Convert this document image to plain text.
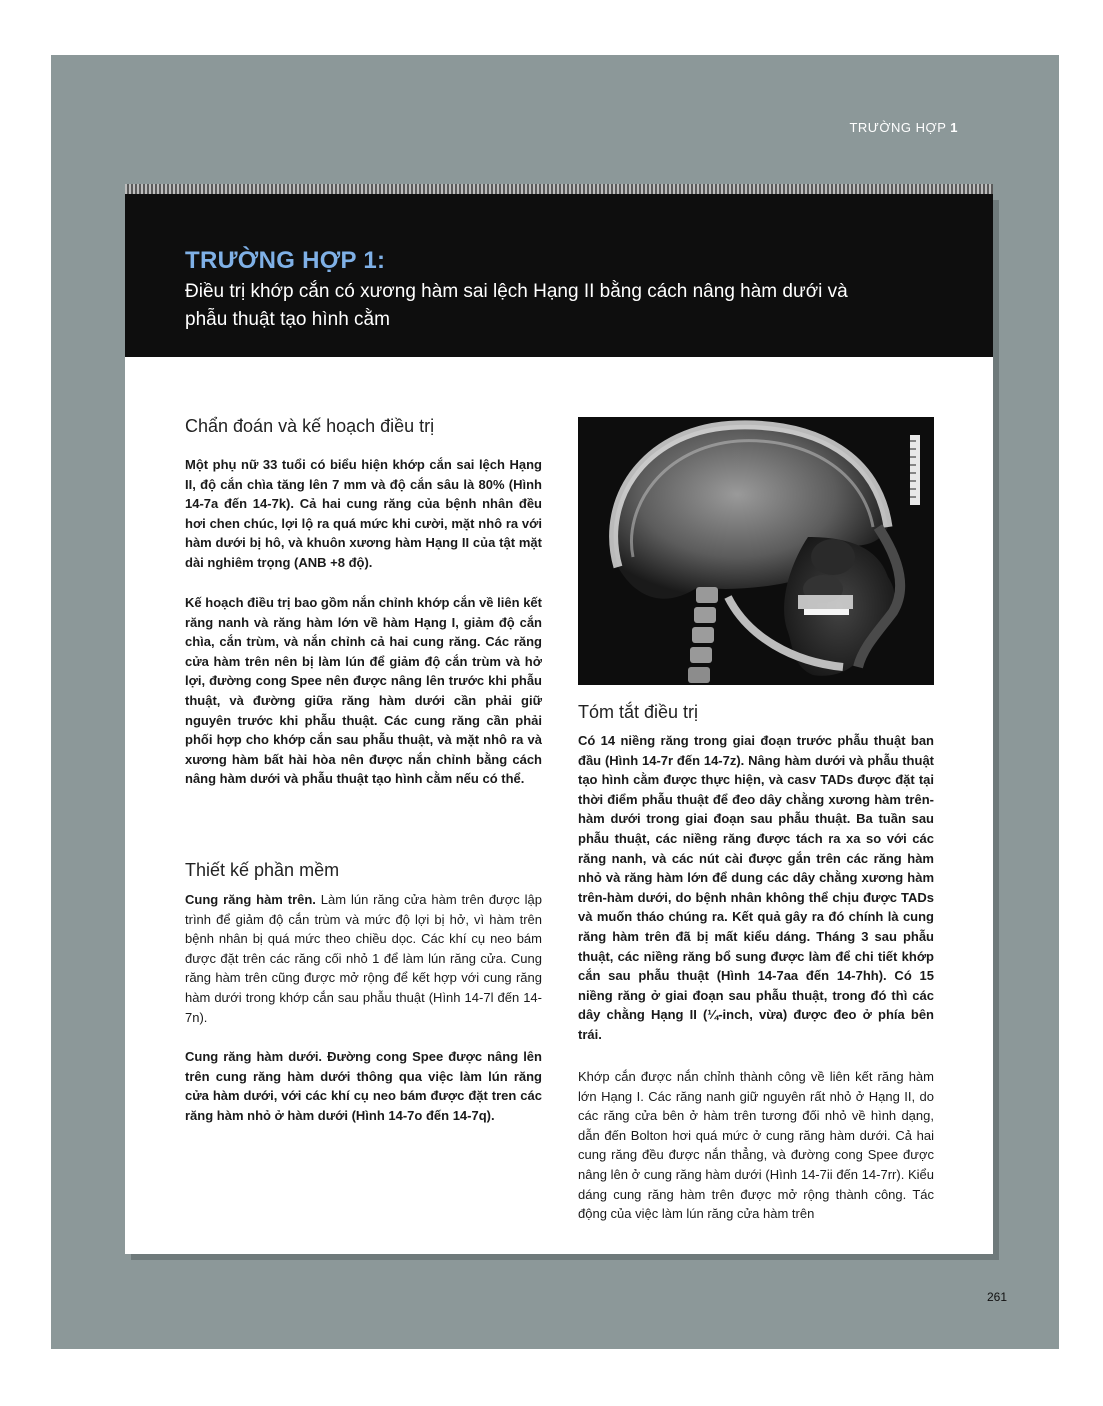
TRƯỜNG HỢP 1
TRƯỜNG HỢP 1:
Điều trị khớp cắn có xương hàm sai lệch Hạng II bằng cách nâng hàm dưới và phẫu thuật tạo hình cằm
Chẩn đoán và kế hoạch điều trị

Một phụ nữ 33 tuổi có biểu hiện khớp cắn sai lệch Hạng II, độ cắn chìa tăng lên 7 mm và độ cắn sâu là 80% (Hình 14-7a đến 14-7k). Cả hai cung răng của bệnh nhân đều hơi chen chúc, lợi lộ ra quá mức khi cười, mặt nhô ra với hàm dưới bị hô, và khuôn xương hàm Hạng II của tật mặt dài nghiêm trọng (ANB +8 độ).

Kế hoạch điều trị bao gồm nắn chỉnh khớp cắn về liên kết răng nanh và răng hàm lớn về hàm Hạng I, giảm độ cắn chìa, cắn trùm, và nắn chỉnh cả hai cung răng. Các răng cửa hàm trên nên bị làm lún để giảm độ cắn trùm và hở lợi, đường cong Spee nên được nâng lên trước khi phẫu thuật, và đường giữa răng hàm dưới cần phải giữ nguyên trước khi phẫu thuật. Các cung răng cần phải phối hợp cho khớp cắn sau phẫu thuật, và mặt nhô ra và xương hàm bất hài hòa nên được nắn chỉnh bằng cách nâng hàm dưới và phẫu thuật tạo hình cằm nếu có thể.

Thiết kế phần mềm

Cung răng hàm trên. Làm lún răng cửa hàm trên được lập trình để giảm độ cắn trùm và mức độ lợi bị hở, vì hàm trên bệnh nhân bị quá mức theo chiều dọc. Các khí cụ neo bám được đặt trên các răng cối nhỏ 1 để làm lún răng cửa. Cung răng hàm trên cũng được mở rộng để kết hợp với cung răng hàm dưới trong khớp cắn sau phẫu thuật (Hình 14-7l đến 14-7n).

Cung răng hàm dưới. Đường cong Spee được nâng lên trên cung răng hàm dưới thông qua việc làm lún răng cửa hàm dưới, với các khí cụ neo bám được đặt tren các răng hàm nhỏ ở hàm dưới (Hình 14-7o đến 14-7q).

Tóm tắt điều trị

Có 14 niềng răng trong giai đoạn trước phẫu thuật ban đầu (Hình 14-7r đến 14-7z). Nâng hàm dưới và phẫu thuật tạo hình cằm được thực hiện, và casv TADs được đặt tại thời điểm phẫu thuật để đeo dây chằng xương hàm trên-hàm dưới trong giai đoạn sau phẫu thuật. Ba tuần sau phẫu thuật, các niềng răng được tách ra xa so với các răng nanh, và các nút cài được gắn trên các răng hàm nhỏ và răng hàm lớn để dung các dây chằng xương hàm trên-hàm dưới, do bệnh nhân không thể chịu được TADs và muốn tháo chúng ra. Kết quả gây ra đó chính là cung răng hàm trên đã bị mất kiểu dáng. Tháng 3 sau phẫu thuật, các niềng răng bổ sung được làm để chi tiết khớp cắn sau phẫu thuật (Hình 14-7aa đến 14-7hh). Có 15 niềng răng ở giai đoạn sau phẫu thuật, trong đó thì các dây chằng Hạng II (¼-inch, vừa) được đeo ở phía bên trái.

Khớp cắn được nắn chỉnh thành công về liên kết răng hàm lớn Hạng I. Các răng nanh giữ nguyên rất nhỏ ở Hạng II, do các răng cửa bên ở hàm trên tương đối nhỏ về hình dạng, dẫn đến Bolton hơi quá mức ở cung răng hàm dưới. Cả hai cung răng đều được nắn thẳng, và đường cong Spee được nâng lên ở cung răng hàm dưới (Hình 14-7ii đến 14-7rr). Kiểu dáng cung răng hàm trên được mở rộng thành công. Tác động của việc làm lún răng cửa hàm trên

261
